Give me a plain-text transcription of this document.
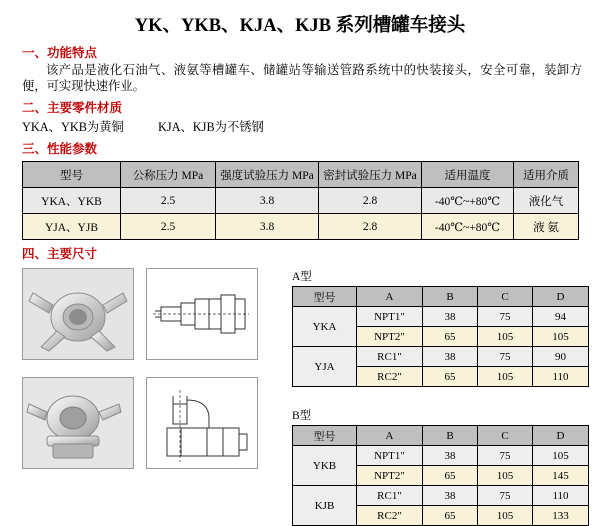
YK、YKB、KJA、KJB 系列槽罐车接头
一、功能特点
该产品是液化石油气、液氨等槽罐车、储罐站等输送管路系统中的快装接头，安全可靠，装卸方便，可实现快速作业。
二、主要零件材质
YKA、YKB为黄铜	KJA、KJB为不锈钢
三、性能参数
型号	公称压力 MPa	强度试验压力 MPa	密封试验压力 MPa	适用温度	适用介质
YKA、YKB	2.5	3.8	2.8	-40℃~+80℃	液化气
YJA、YJB	2.5	3.8	2.8	-40℃~+80℃	液 氨
四、主要尺寸
A型
型号	A	B	C	D
YKA	NPT1"	38	75	94
	NPT2"	65	105	105
YJA	RC1"	38	75	90
	RC2"	65	105	110
B型
型号	A	B	C	D
YKB	NPT1"	38	75	105
	NPT2"	65	105	145
KJB	RC1"	38	75	110
	RC2"	65	105	133
